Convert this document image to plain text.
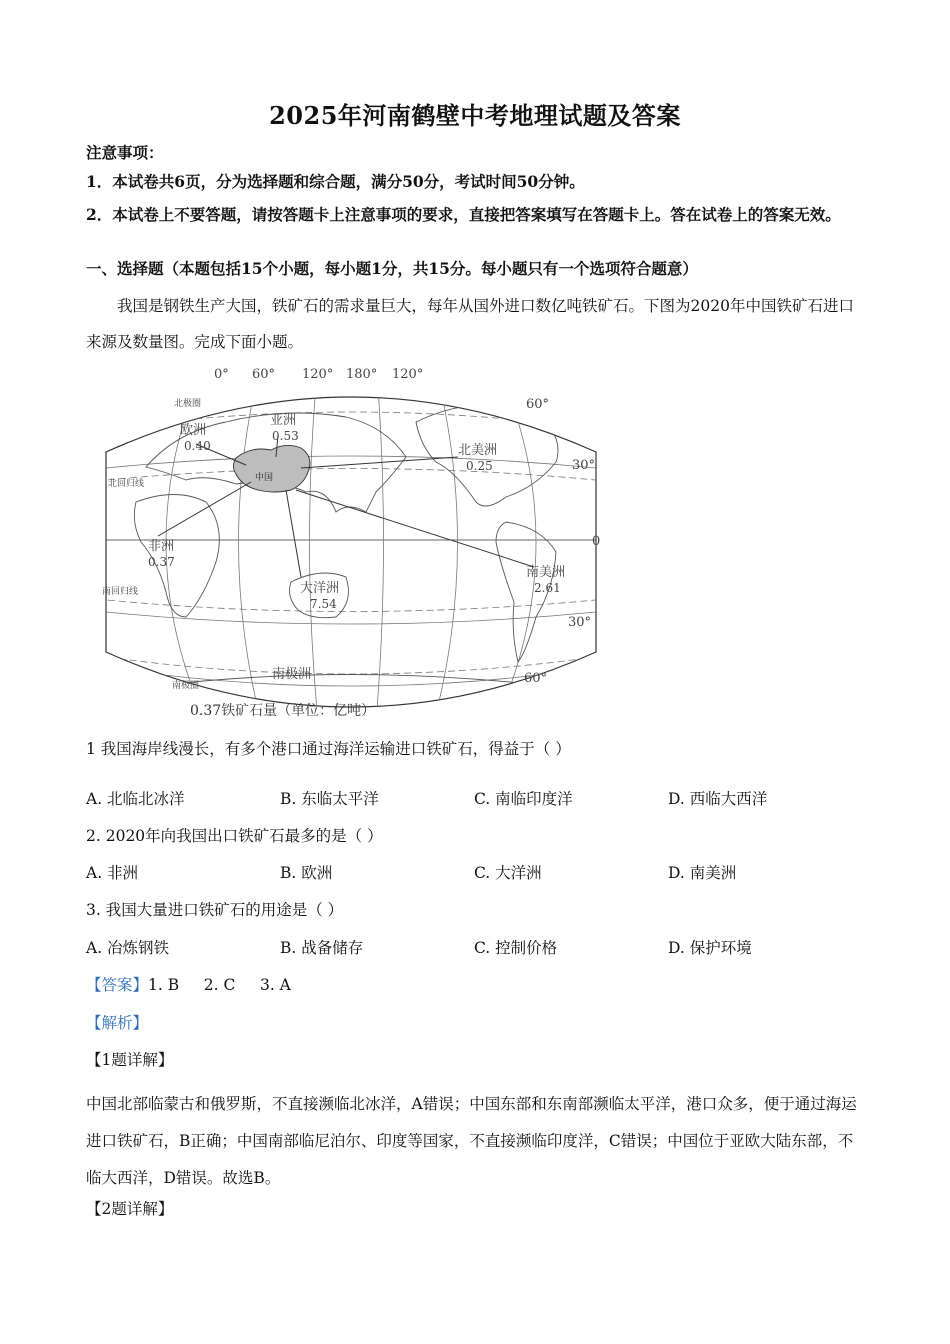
2025年河南鹤壁中考地理试题及答案
注意事项：
1．本试卷共6页，分为选择题和综合题，满分50分，考试时间50分钟。
2．本试卷上不要答题，请按答题卡上注意事项的要求，直接把答案填写在答题卡上。答在试卷上的答案无效。
一、选择题（本题包括15个小题，每小题1分，共15分。每小题只有一个选项符合题意）
我国是钢铁生产大国，铁矿石的需求量巨大，每年从国外进口数亿吨铁矿石。下图为2020年中国铁矿石进口来源及数量图。完成下面小题。
中国
0° 60° 120° 180° 120°
60°
30°
0
30°
60°
北极圈
北回归线
南回归线
南极圈
南极洲
亚洲
0.53
欧洲
0.40	北美洲
0.25
非洲
0.37
大洋洲
7.54
南美洲
2.61
0.37铁矿石量（单位：亿吨）
1 我国海岸线漫长，有多个港口通过海洋运输进口铁矿石，得益于（ ）
A. 北临北冰洋	B. 东临太平洋	C. 南临印度洋	D. 西临大西洋
2. 2020年向我国出口铁矿石最多的是（ ）
A. 非洲	B. 欧洲	C. 大洋洲	D. 南美洲
3. 我国大量进口铁矿石的用途是（ ）
A. 冶炼钢铁	B. 战备储存	C. 控制价格	D. 保护环境
【答案】1. B     2. C     3. A
【解析】
【1题详解】
中国北部临蒙古和俄罗斯，不直接濒临北冰洋，A错误；中国东部和东南部濒临太平洋，港口众多，便于通过海运进口铁矿石，B正确；中国南部临尼泊尔、印度等国家，不直接濒临印度洋，C错误；中国位于亚欧大陆东部，不临大西洋，D错误。故选B。
【2题详解】
